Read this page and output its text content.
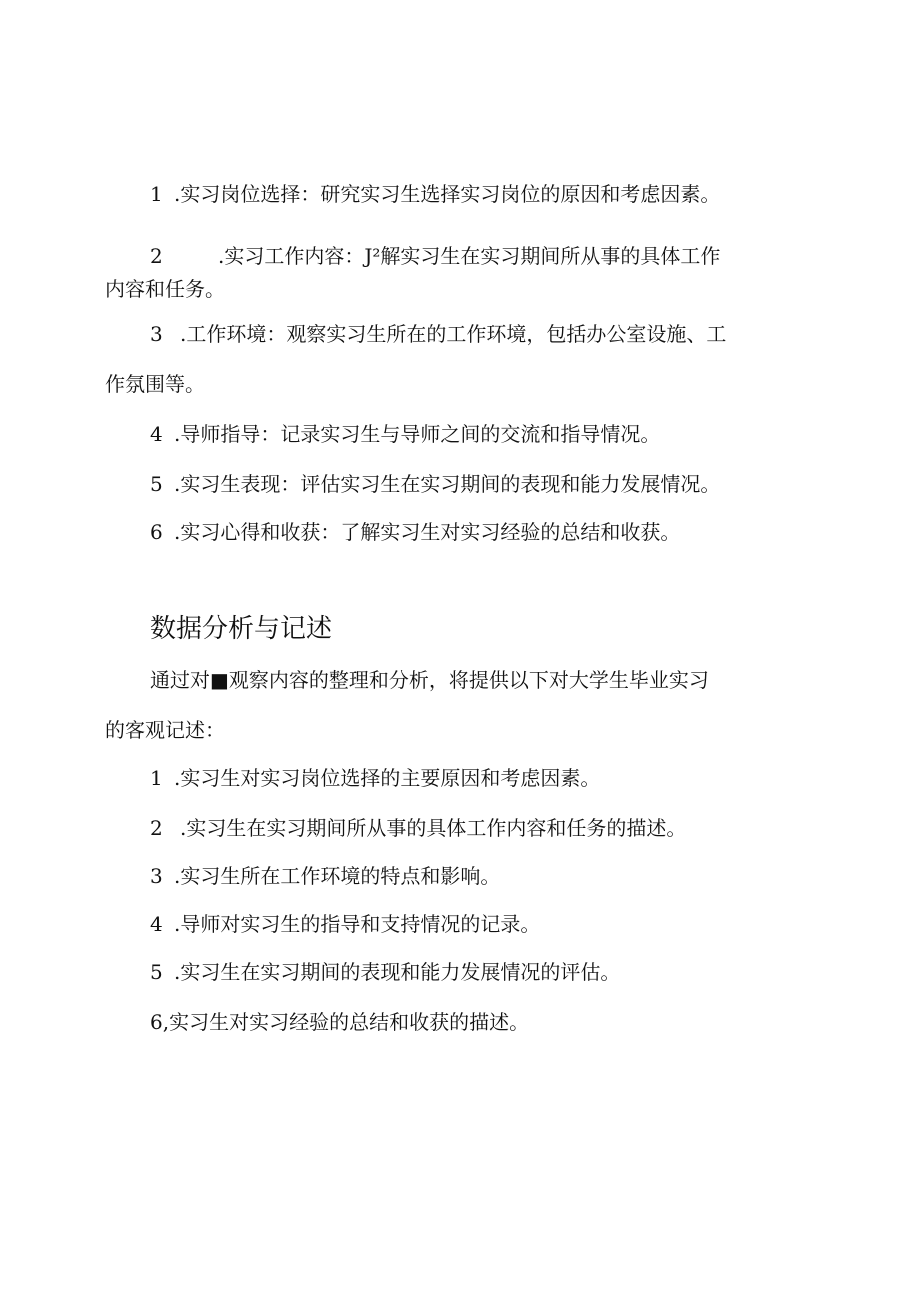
1 .实习岗位选择：研究实习生选择实习岗位的原因和考虑因素。
2	.实习工作内容：J²解实习生在实习期间所从事的具体工作
内容和任务。
3 .工作环境：观察实习生所在的工作环境，包括办公室设施、工
作氛围等。
4 .导师指导：记录实习生与导师之间的交流和指导情况。
5 .实习生表现：评估实习生在实习期间的表现和能力发展情况。
6 .实习心得和收获：了解实习生对实习经验的总结和收获。
数据分析与记述
通过对■观察内容的整理和分析，将提供以下对大学生毕业实习
的客观记述：
1 .实习生对实习岗位选择的主要原因和考虑因素。
2 .实习生在实习期间所从事的具体工作内容和任务的描述。
3 .实习生所在工作环境的特点和影响。
4 .导师对实习生的指导和支持情况的记录。
5 .实习生在实习期间的表现和能力发展情况的评估。
6,实习生对实习经验的总结和收获的描述。
